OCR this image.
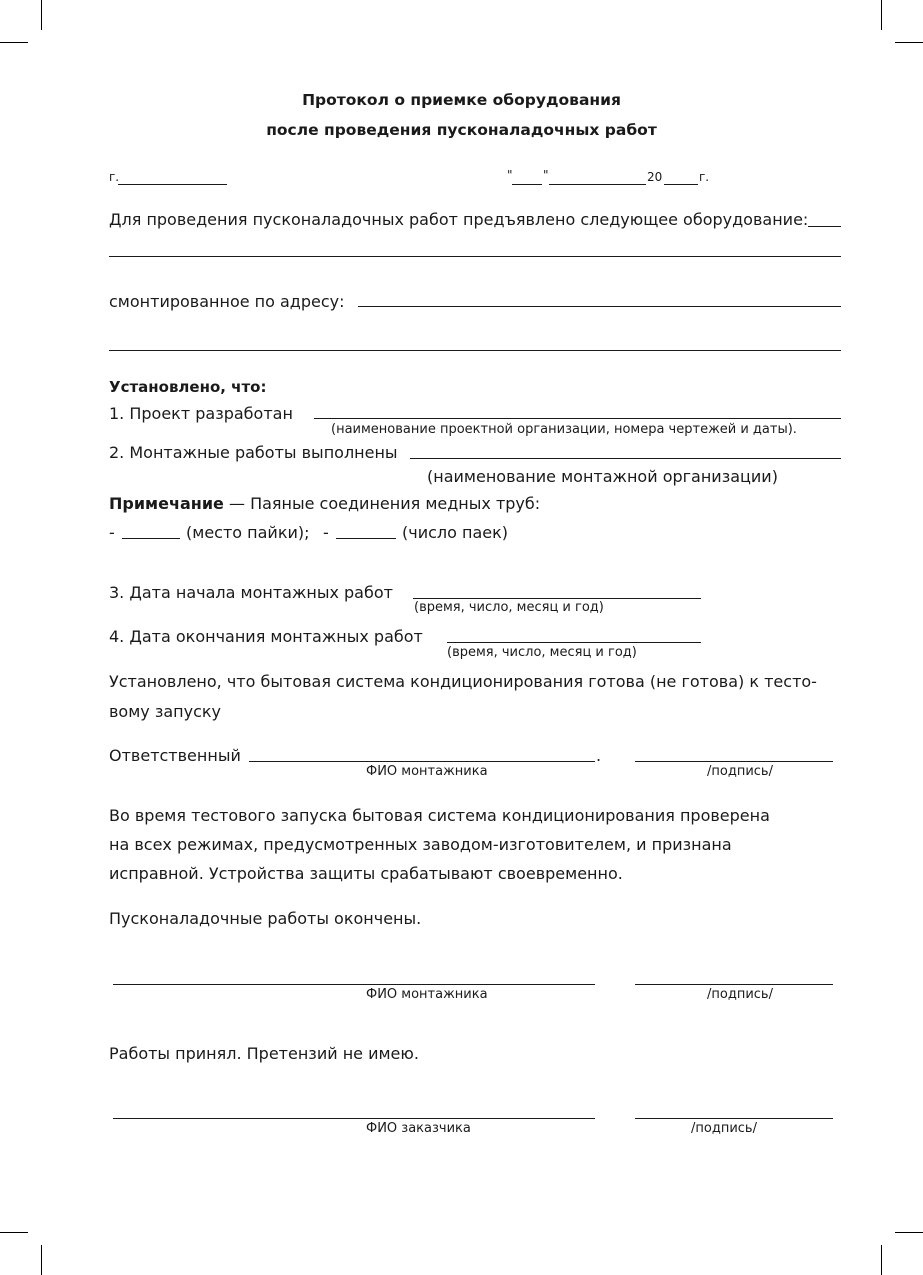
Протокол о приемке оборудования
после проведения пусконаладочных работ
г.	"	"	20	г.
Для проведения пусконаладочных работ предъявлено следующее оборудование:
смонтированное по адресу:
Установлено, что:
1. Проект разработан
(наименование проектной организации, номера чертежей и даты).
2. Монтажные работы выполнены
(наименование монтажной организации)
Примечание — Паяные соединения медных труб:
-	(место пайки); -	(число паек)
3. Дата начала монтажных работ
(время, число, месяц и год)
4. Дата окончания монтажных работ
(время, число, месяц и год)
Установлено, что бытовая система кондиционирования готова (не готова) к тесто-
вому запуску
Ответственный	.
ФИО монтажника	/подпись/
Во время тестового запуска бытовая система кондиционирования проверена
на всех режимах, предусмотренных заводом-изготовителем, и признана
исправной. Устройства защиты срабатывают своевременно.
Пусконаладочные работы окончены.
ФИО монтажника	/подпись/
Работы принял. Претензий не имею.
ФИО заказчика	/подпись/
